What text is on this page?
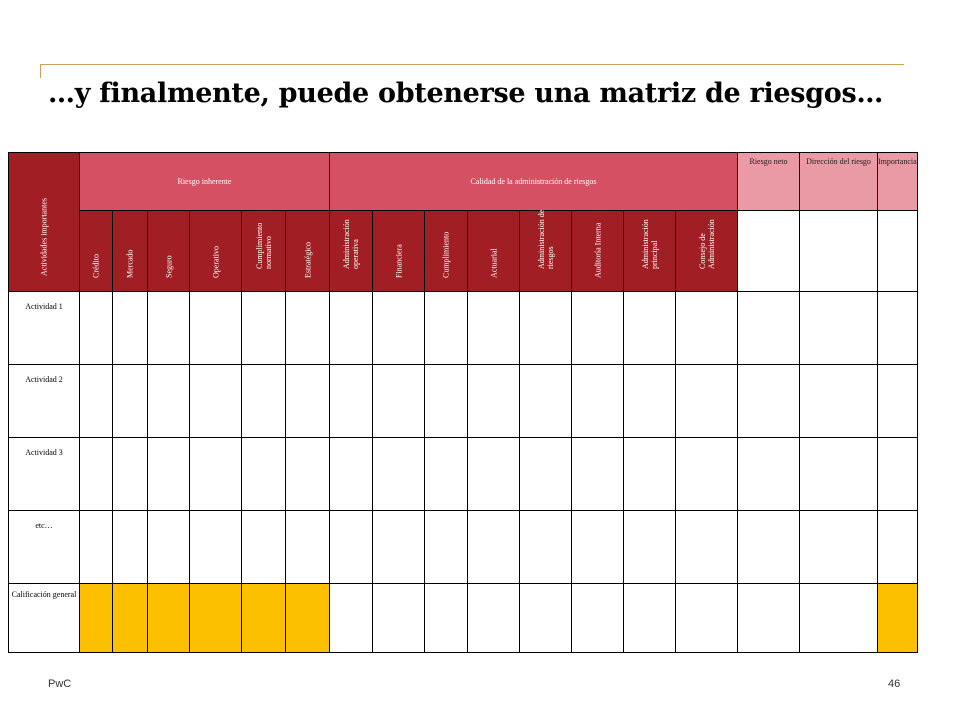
…y finalmente, puede obtenerse una matriz de riesgos…
Actividades importantes	Riesgo inherente						Calidad de la administración de riesgos								Riesgo neto	Dirección del riesgo	Importancia

	Crédito	Mercado	Seguro	Operativo	Cumplimiento normativo	Estratégico	Administración operativa	Financiera	Cumplimiento	Actuarial	Administración de riesgos	Auditoría Interna	Administración principal	Consejo de Administración			

Actividad 1																	
Actividad 2																	
Actividad 3																	
etc…																	
Calificación general																	
PwC	46
